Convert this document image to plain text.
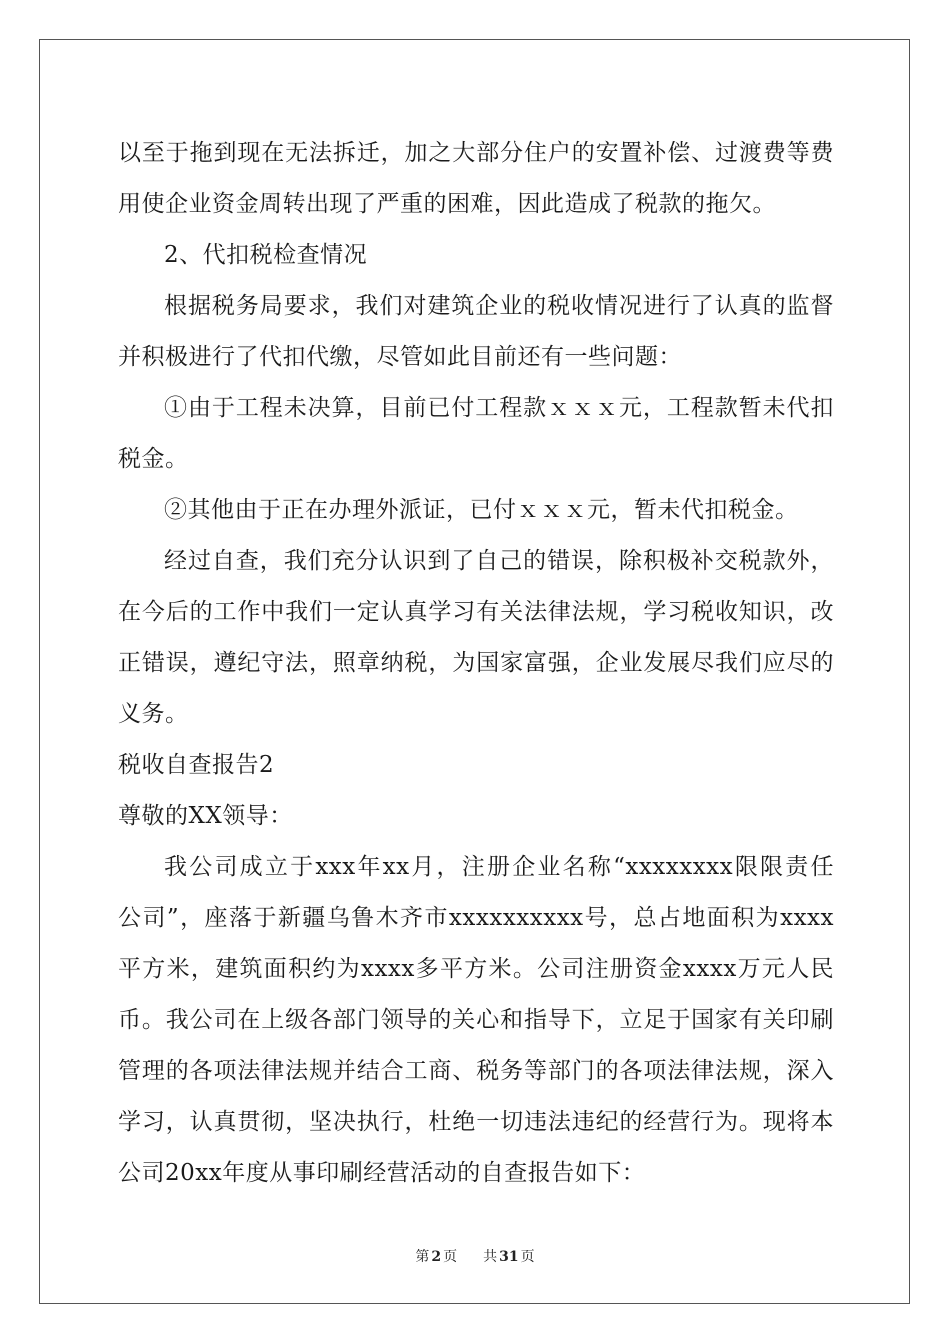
以至于拖到现在无法拆迁，加之大部分住户的安置补偿、过渡费等费
用使企业资金周转出现了严重的困难，因此造成了税款的拖欠。
2、代扣税检查情况
根据税务局要求，我们对建筑企业的税收情况进行了认真的监督
并积极进行了代扣代缴，尽管如此目前还有一些问题：
①由于工程未决算，目前已付工程款ｘｘｘ元，工程款暂未代扣
税金。
②其他由于正在办理外派证，已付ｘｘｘ元，暂未代扣税金。
经过自查，我们充分认识到了自己的错误，除积极补交税款外，
在今后的工作中我们一定认真学习有关法律法规，学习税收知识，改
正错误，遵纪守法，照章纳税，为国家富强，企业发展尽我们应尽的
义务。
税收自查报告2
尊敬的XX领导：
我公司成立于xxx年xx月，注册企业名称“xxxxxxxx限限责任
公司”，座落于新疆乌鲁木齐市xxxxxxxxxx号，总占地面积为xxxx
平方米，建筑面积约为xxxx多平方米。公司注册资金xxxx万元人民
币。我公司在上级各部门领导的关心和指导下，立足于国家有关印刷
管理的各项法律法规并结合工商、税务等部门的各项法律法规，深入
学习，认真贯彻，坚决执行，杜绝一切违法违纪的经营行为。现将本
公司20xx年度从事印刷经营活动的自查报告如下：
第 2 页 共 31 页
